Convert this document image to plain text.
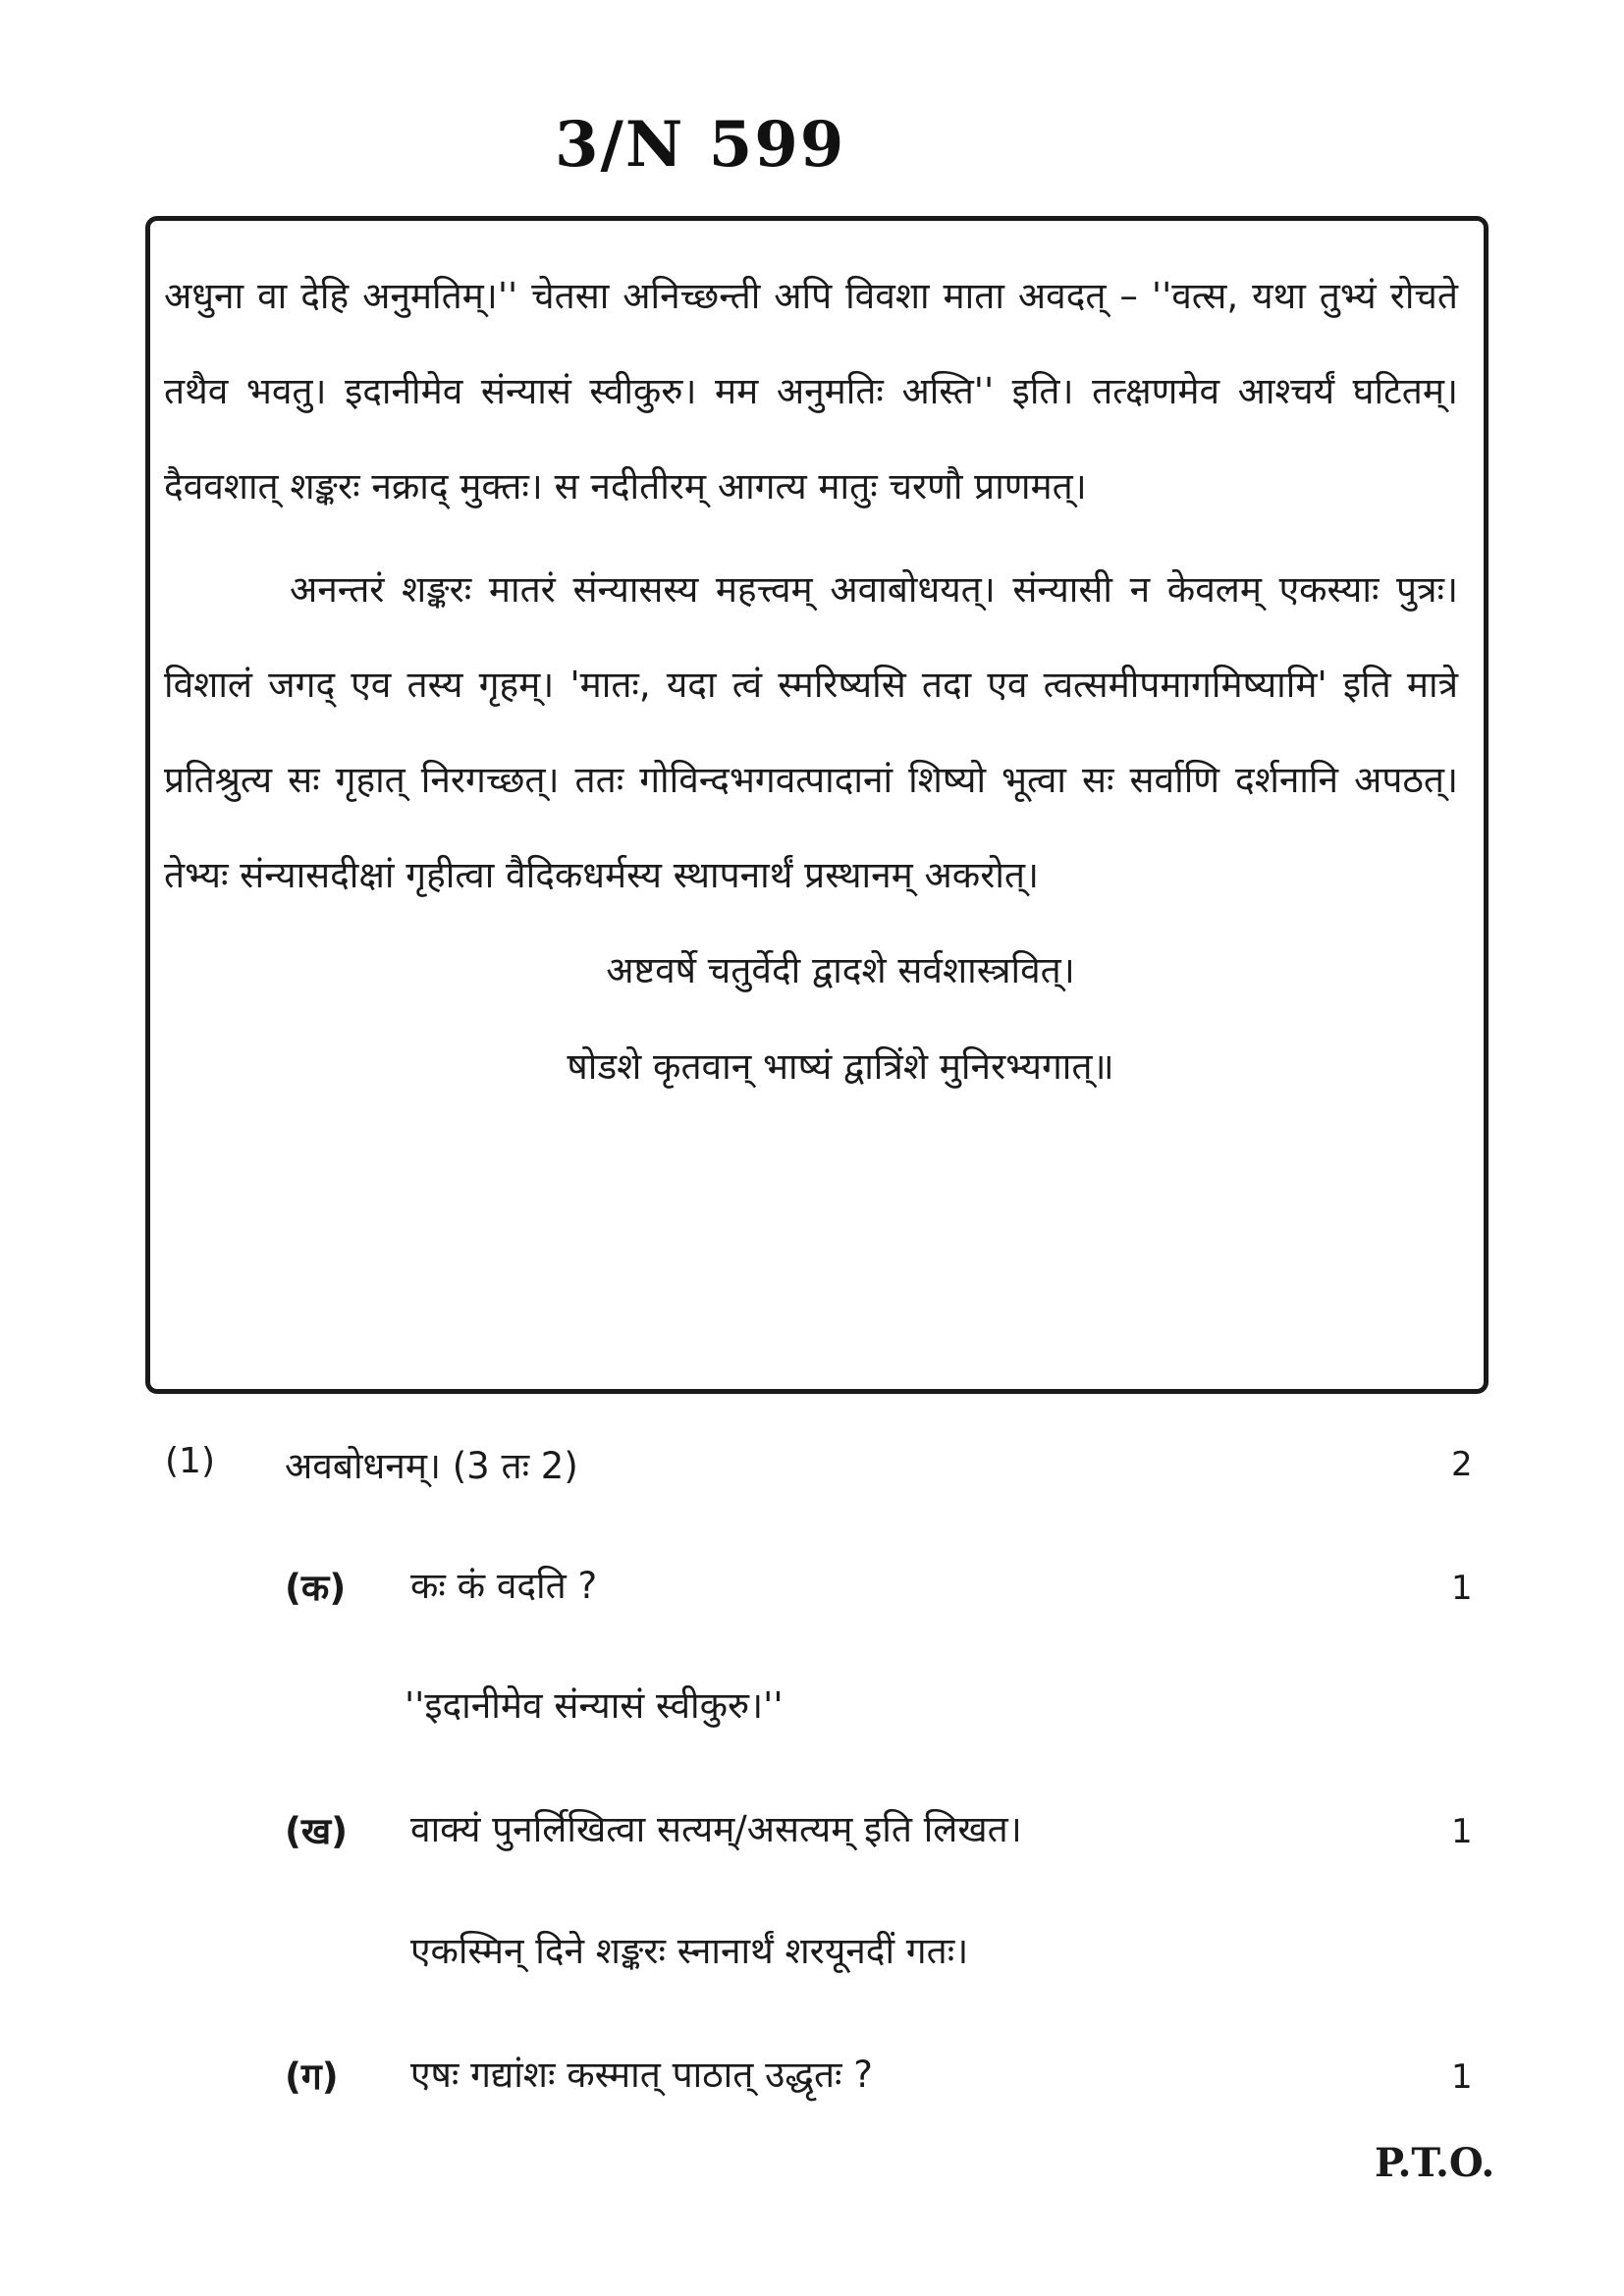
3/N 599

अधुना वा देहि अनुमतिम्।'' चेतसा अनिच्छन्ती अपि विवशा माता अवदत् – ''वत्स, यथा तुभ्यं रोचते तथैव भवतु। इदानीमेव संन्यासं स्वीकुरु। मम अनुमतिः अस्ति'' इति। तत्क्षणमेव आश्चर्यं घटितम्। दैववशात् शङ्करः नक्राद् मुक्तः। स नदीतीरम् आगत्य मातुः चरणौ प्राणमत्।

अनन्तरं शङ्करः मातरं संन्यासस्य महत्त्वम् अवाबोधयत्। संन्यासी न केवलम् एकस्याः पुत्रः। विशालं जगद् एव तस्य गृहम्। 'मातः, यदा त्वं स्मरिष्यसि तदा एव त्वत्समीपमागमिष्यामि' इति मात्रे प्रतिश्रुत्य सः गृहात् निरगच्छत्। ततः गोविन्दभगवत्पादानां शिष्यो भूत्वा सः सर्वाणि दर्शनानि अपठत्। तेभ्यः संन्यासदीक्षां गृहीत्वा वैदिकधर्मस्य स्थापनार्थं प्रस्थानम् अकरोत्।

अष्टवर्षे चतुर्वेदी द्वादशे सर्वशास्त्रवित्।

षोडशे कृतवान् भाष्यं द्वात्रिंशे मुनिरभ्यगात्॥

(1) अवबोधनम्। (3 तः 2)	2
(क) कः कं वदति ?	1
''इदानीमेव संन्यासं स्वीकुरु।''
(ख) वाक्यं पुनर्लिखित्वा सत्यम्/असत्यम् इति लिखत।	1
एकस्मिन् दिने शङ्करः स्नानार्थं शरयूनदीं गतः।
(ग) एषः गद्यांशः कस्मात् पाठात् उद्धृतः ?	1
P.T.O.
